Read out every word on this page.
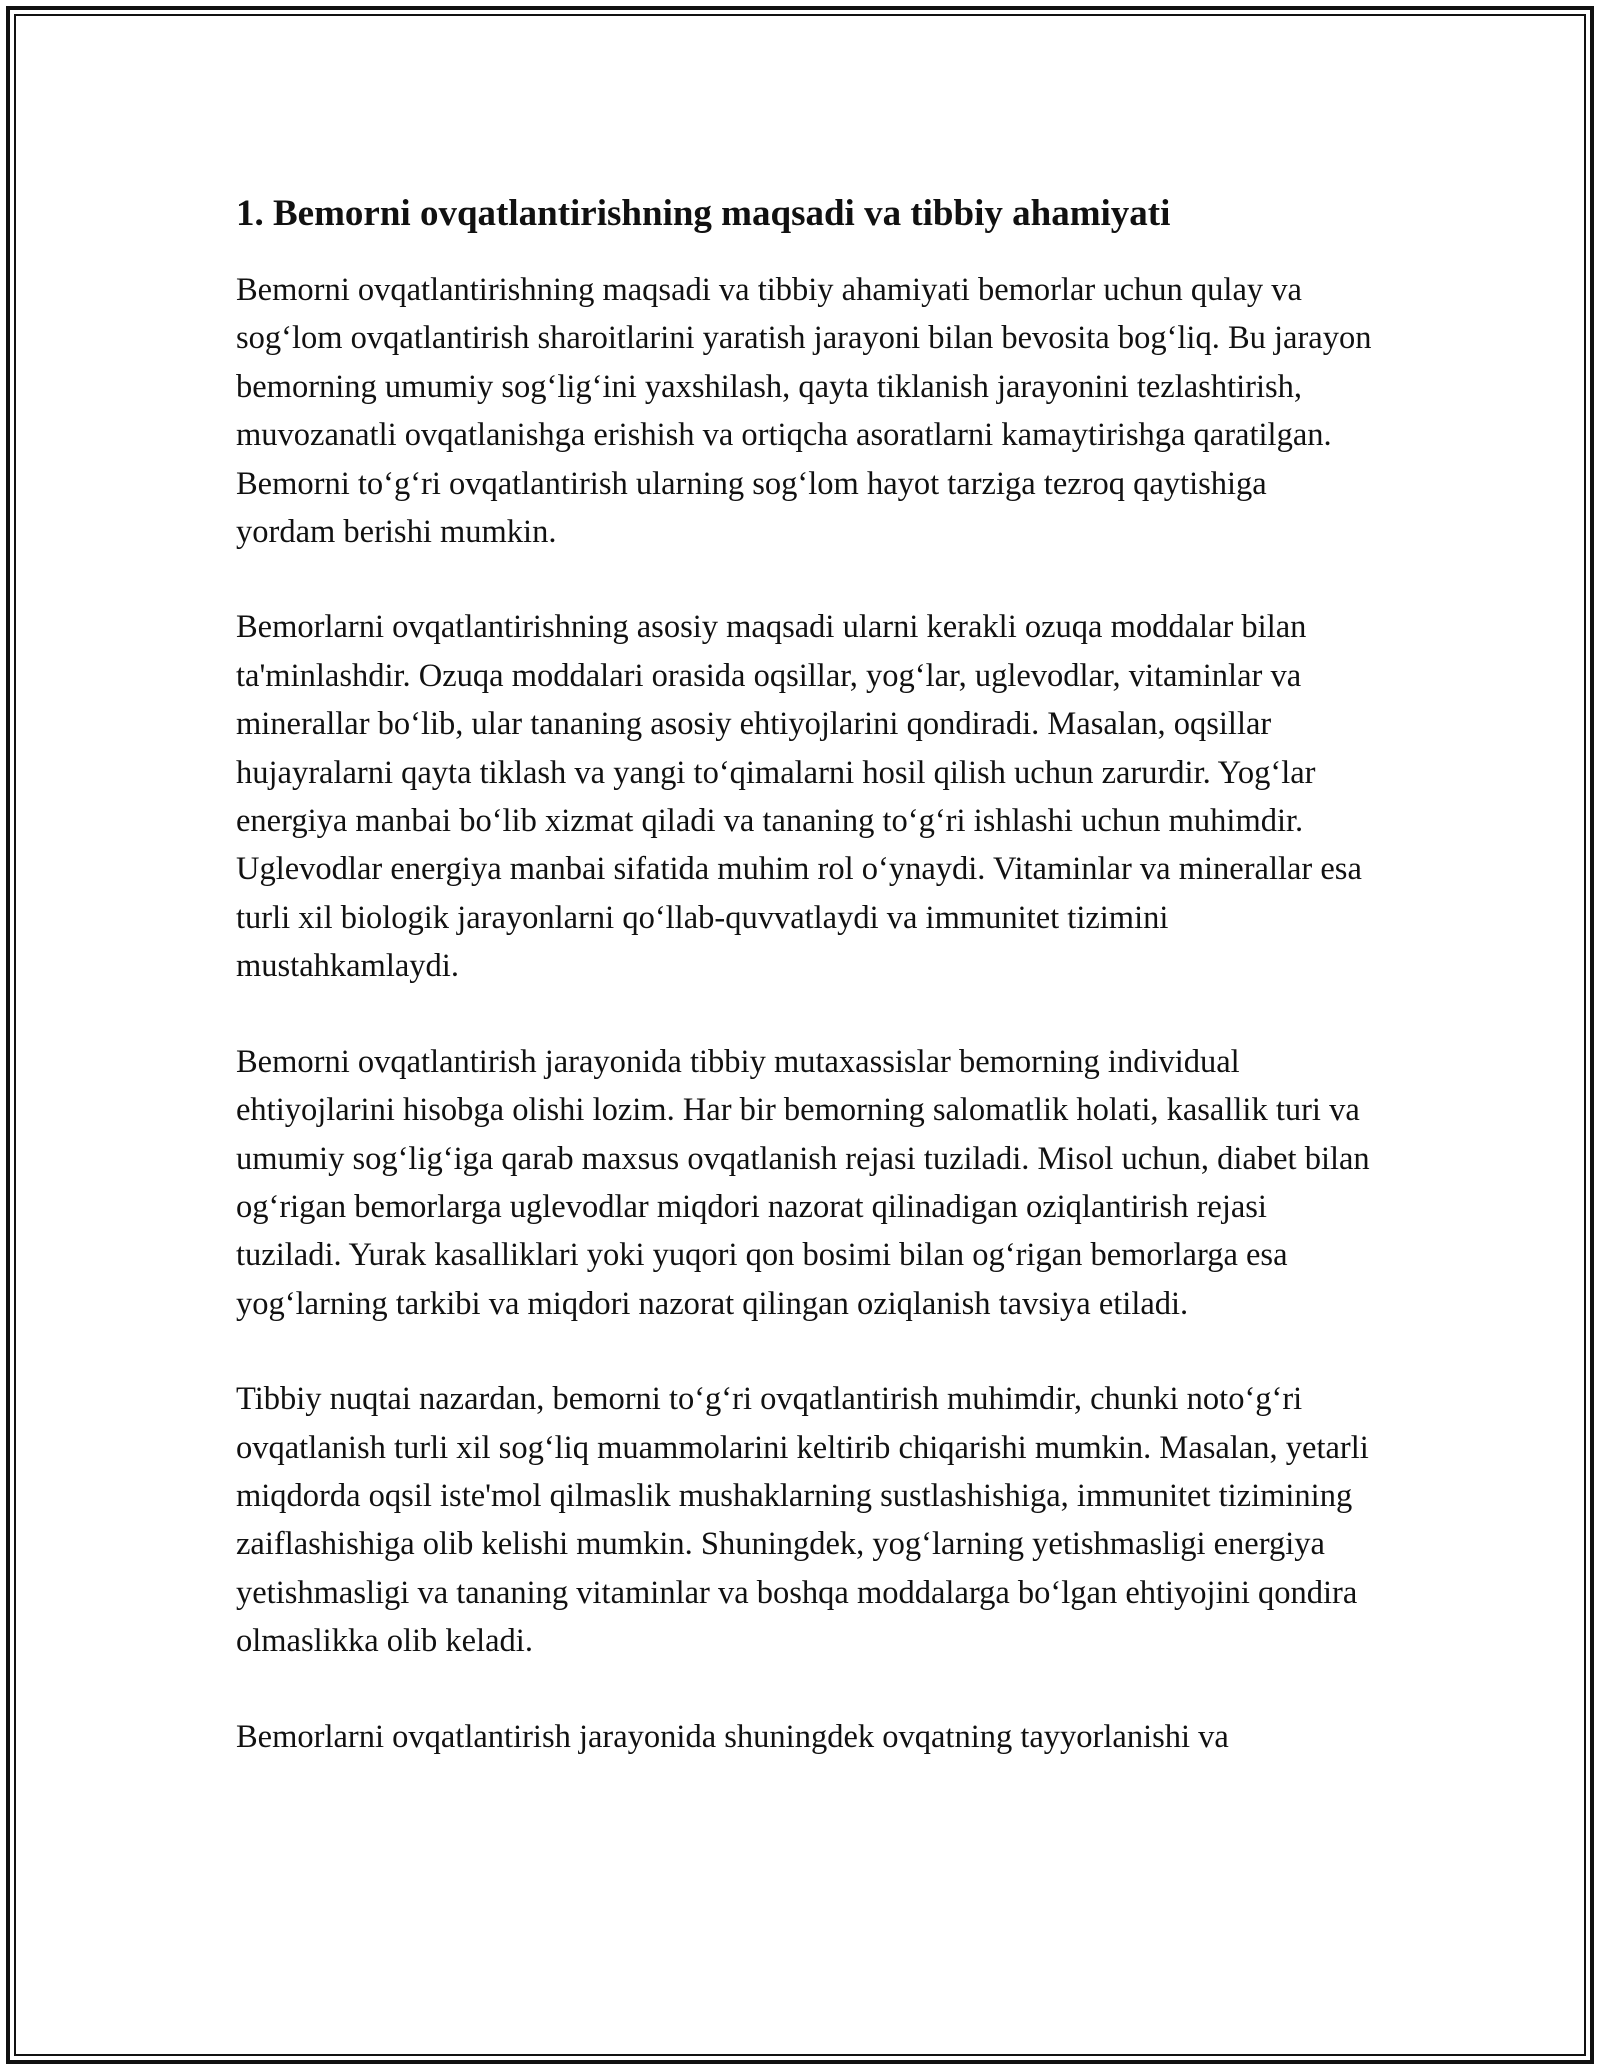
1. Bemorni ovqatlantirishning maqsadi va tibbiy ahamiyati

Bemorni ovqatlantirishning maqsadi va tibbiy ahamiyati bemorlar uchun qulay va sog‘lom ovqatlantirish sharoitlarini yaratish jarayoni bilan bevosita bog‘liq. Bu jarayon bemorning umumiy sog‘lig‘ini yaxshilash, qayta tiklanish jarayonini tezlashtirish, muvozanatli ovqatlanishga erishish va ortiqcha asoratlarni kamaytirishga qaratilgan. Bemorni to‘g‘ri ovqatlantirish ularning sog‘lom hayot tarziga tezroq qaytishiga yordam berishi mumkin.

Bemorlarni ovqatlantirishning asosiy maqsadi ularni kerakli ozuqa moddalar bilan ta'minlashdir. Ozuqa moddalari orasida oqsillar, yog‘lar, uglevodlar, vitaminlar va minerallar bo‘lib, ular tananing asosiy ehtiyojlarini qondiradi. Masalan, oqsillar hujayralarni qayta tiklash va yangi to‘qimalarni hosil qilish uchun zarurdir. Yog‘lar energiya manbai bo‘lib xizmat qiladi va tananing to‘g‘ri ishlashi uchun muhimdir. Uglevodlar energiya manbai sifatida muhim rol o‘ynaydi. Vitaminlar va minerallar esa turli xil biologik jarayonlarni qo‘llab-quvvatlaydi va immunitet tizimini mustahkamlaydi.

Bemorni ovqatlantirish jarayonida tibbiy mutaxassislar bemorning individual ehtiyojlarini hisobga olishi lozim. Har bir bemorning salomatlik holati, kasallik turi va umumiy sog‘lig‘iga qarab maxsus ovqatlanish rejasi tuziladi. Misol uchun, diabet bilan og‘rigan bemorlarga uglevodlar miqdori nazorat qilinadigan oziqlantirish rejasi tuziladi. Yurak kasalliklari yoki yuqori qon bosimi bilan og‘rigan bemorlarga esa yog‘larning tarkibi va miqdori nazorat qilingan oziqlanish tavsiya etiladi.

Tibbiy nuqtai nazardan, bemorni to‘g‘ri ovqatlantirish muhimdir, chunki noto‘g‘ri ovqatlanish turli xil sog‘liq muammolarini keltirib chiqarishi mumkin. Masalan, yetarli miqdorda oqsil iste'mol qilmaslik mushaklarning sustlashishiga, immunitet tizimining zaiflashishiga olib kelishi mumkin. Shuningdek, yog‘larning yetishmasligi energiya yetishmasligi va tananing vitaminlar va boshqa moddalarga bo‘lgan ehtiyojini qondira olmaslikka olib keladi.

Bemorlarni ovqatlantirish jarayonida shuningdek ovqatning tayyorlanishi va
